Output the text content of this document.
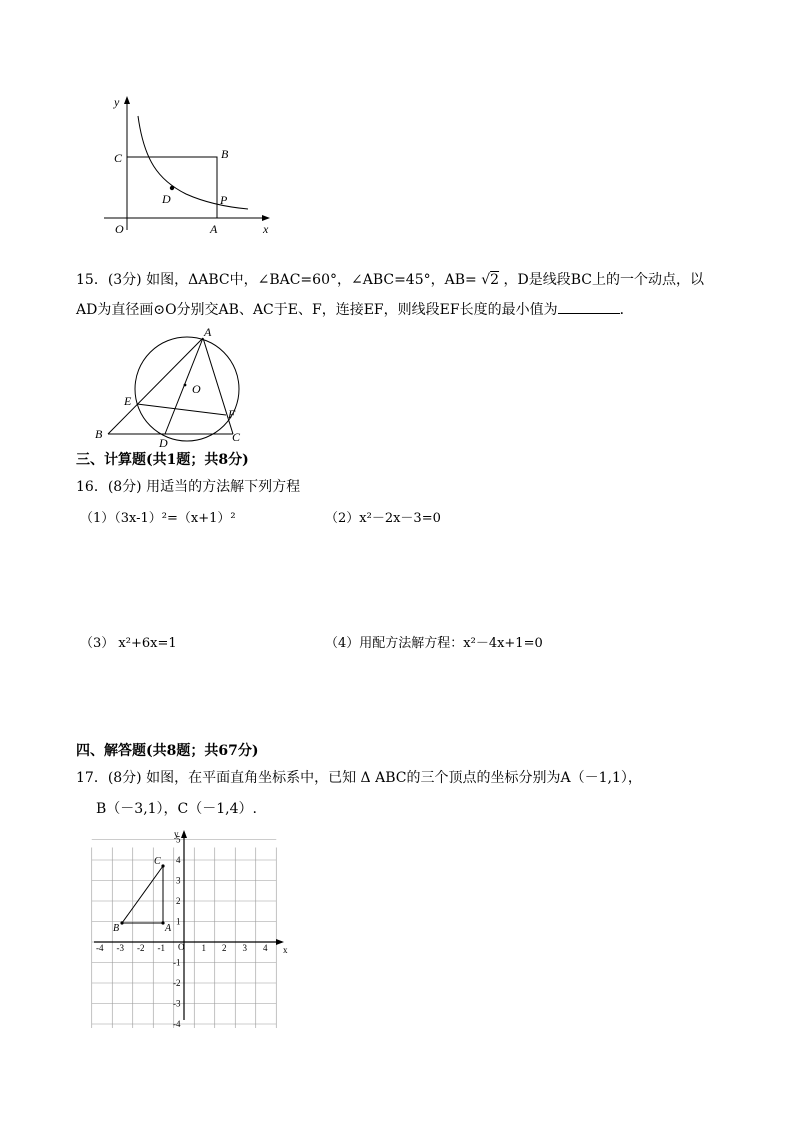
y
x
O
C	B
D	P
A
15．(3分) 如图，ΔABC中，∠BAC=60°，∠ABC=45°，AB= √2 ，D是线段BC上的一个动点，以
AD为直径画⊙O分别交AB、AC于E、F，连接EF，则线段EF长度的最小值为	．
A
O
E
F
B
D	C
三、计算题(共1题；共8分)
16．(8分) 用适当的方法解下列方程
（1）（3x-1）²=（x+1）²	（2）x²－2x－3=0
（3） x²+6x=1	（4）用配方法解方程：x²－4x+1=0
四、解答题(共8题；共67分)
17．(8分) 如图，在平面直角坐标系中，已知 Δ ABC的三个顶点的坐标分别为A（－1,1），
B（－3,1），C（－1,4）.
x
y
-4 -3 -2 -1	1 2 3 4
5
4
3
2
1
-1
-2
-3
-4
O
A
B
C
